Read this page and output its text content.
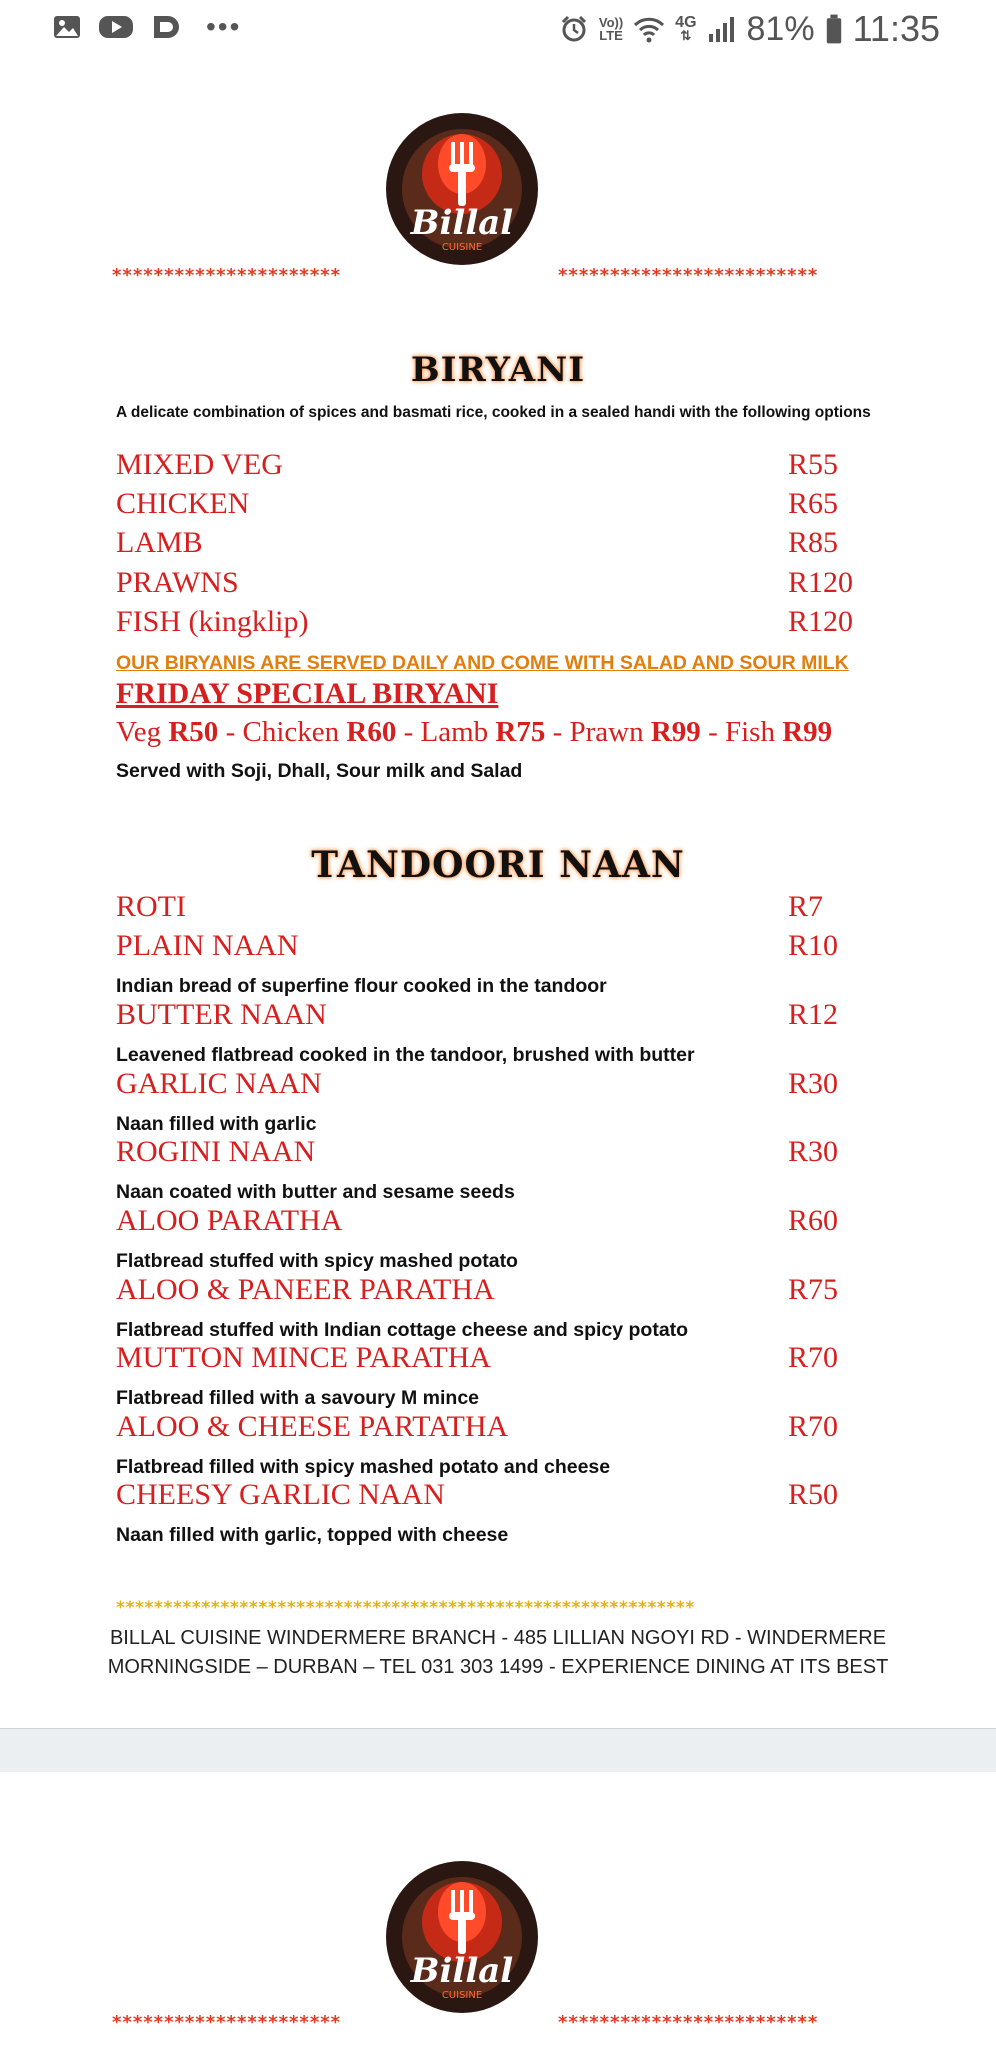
•••	Vo))
LTE
4G
⇅ 81% 11:35
Billal
CUISINE
**********************	*************************
BIRYANI
A delicate combination of spices and basmati rice, cooked in a sealed handi with the following options
MIXED VEG	R55
CHICKEN	R65
LAMB	R85
PRAWNS	R120
FISH (kingklip)	R120
OUR BIRYANIS ARE SERVED DAILY AND COME WITH SALAD AND SOUR MILK
FRIDAY SPECIAL BIRYANI
Veg R50 - Chicken R60 - Lamb R75 - Prawn R99 - Fish R99
Served with Soji, Dhall, Sour milk and Salad
TANDOORI NAAN
ROTI	R7
PLAIN NAAN	R10
Indian bread of superfine flour cooked in the tandoor
BUTTER NAAN	R12
Leavened flatbread cooked in the tandoor, brushed with butter
GARLIC NAAN	R30
Naan filled with garlic
ROGINI NAAN	R30
Naan coated with butter and sesame seeds
ALOO PARATHA	R60
Flatbread stuffed with spicy mashed potato
ALOO & PANEER PARATHA	R75
Flatbread stuffed with Indian cottage cheese and spicy potato
MUTTON MINCE PARATHA	R70
Flatbread filled with a savoury M mince
ALOO & CHEESE PARTATHA	R70
Flatbread filled with spicy mashed potato and cheese
CHEESY GARLIC NAAN	R50
Naan filled with garlic, topped with cheese
*************************************************************
BILLAL CUISINE WINDERMERE BRANCH - 485 LILLIAN NGOYI RD - WINDERMERE
MORNINGSIDE – DURBAN – TEL 031 303 1499 - EXPERIENCE DINING AT ITS BEST
Billal
CUISINE
**********************	*************************
